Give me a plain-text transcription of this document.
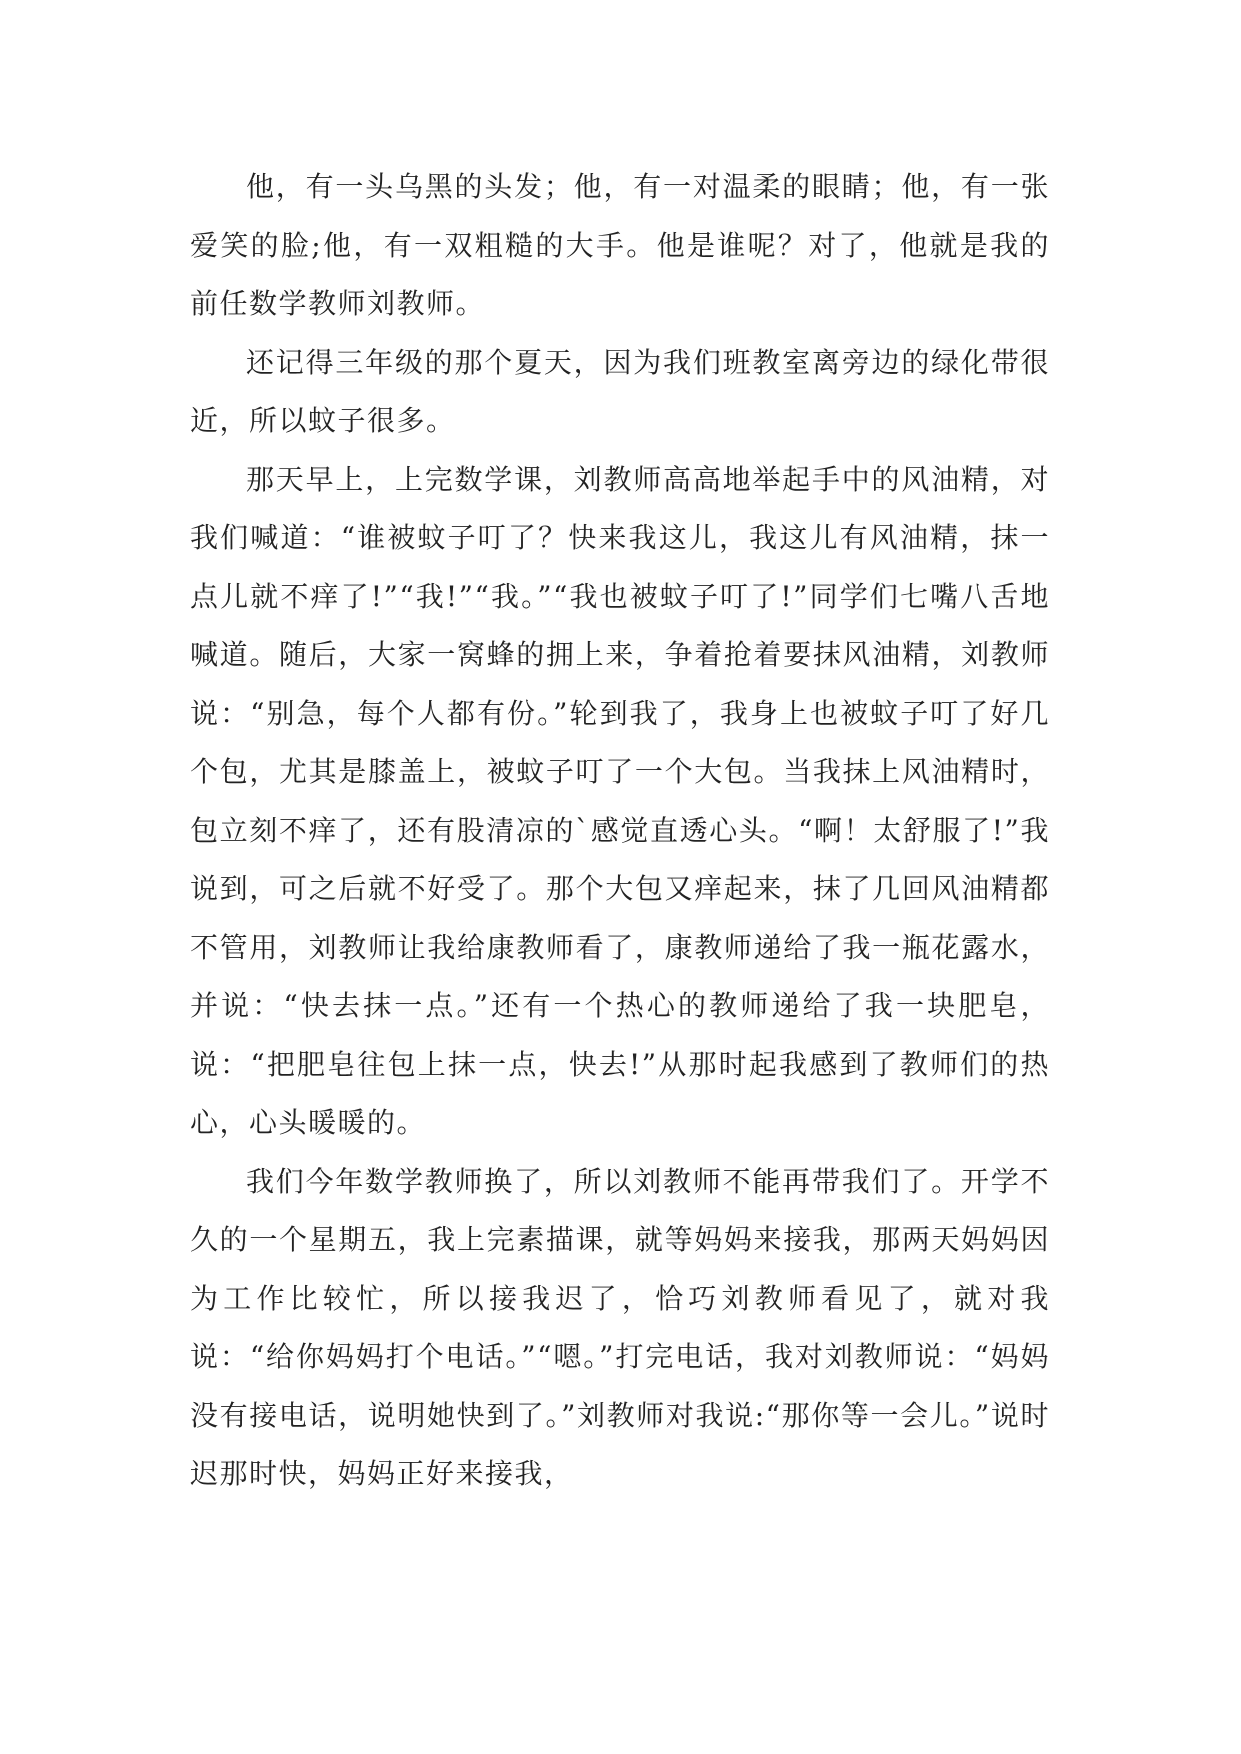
他，有一头乌黑的头发；他，有一对温柔的眼睛；他，有一张爱笑的脸;他，有一双粗糙的大手。他是谁呢？对了，他就是我的前任数学教师刘教师。

还记得三年级的那个夏天，因为我们班教室离旁边的绿化带很近，所以蚊子很多。

那天早上，上完数学课，刘教师高高地举起手中的风油精，对我们喊道：“谁被蚊子叮了？快来我这儿，我这儿有风油精，抹一点儿就不痒了!”“我!”“我。”“我也被蚊子叮了!”同学们七嘴八舌地喊道。随后，大家一窝蜂的拥上来，争着抢着要抹风油精，刘教师说：“别急，每个人都有份。”轮到我了，我身上也被蚊子叮了好几个包，尤其是膝盖上，被蚊子叮了一个大包。当我抹上风油精时，包立刻不痒了，还有股清凉的`感觉直透心头。“啊！太舒服了!”我说到，可之后就不好受了。那个大包又痒起来，抹了几回风油精都不管用，刘教师让我给康教师看了，康教师递给了我一瓶花露水，并说：“快去抹一点。”还有一个热心的教师递给了我一块肥皂，说：“把肥皂往包上抹一点，快去!”从那时起我感到了教师们的热心，心头暖暖的。

我们今年数学教师换了，所以刘教师不能再带我们了。开学不久的一个星期五，我上完素描课，就等妈妈来接我，那两天妈妈因为工作比较忙，所以接我迟了，恰巧刘教师看见了，就对我说：“给你妈妈打个电话。”“嗯。”打完电话，我对刘教师说：“妈妈没有接电话，说明她快到了。”刘教师对我说:“那你等一会儿。”说时迟那时快，妈妈正好来接我，
